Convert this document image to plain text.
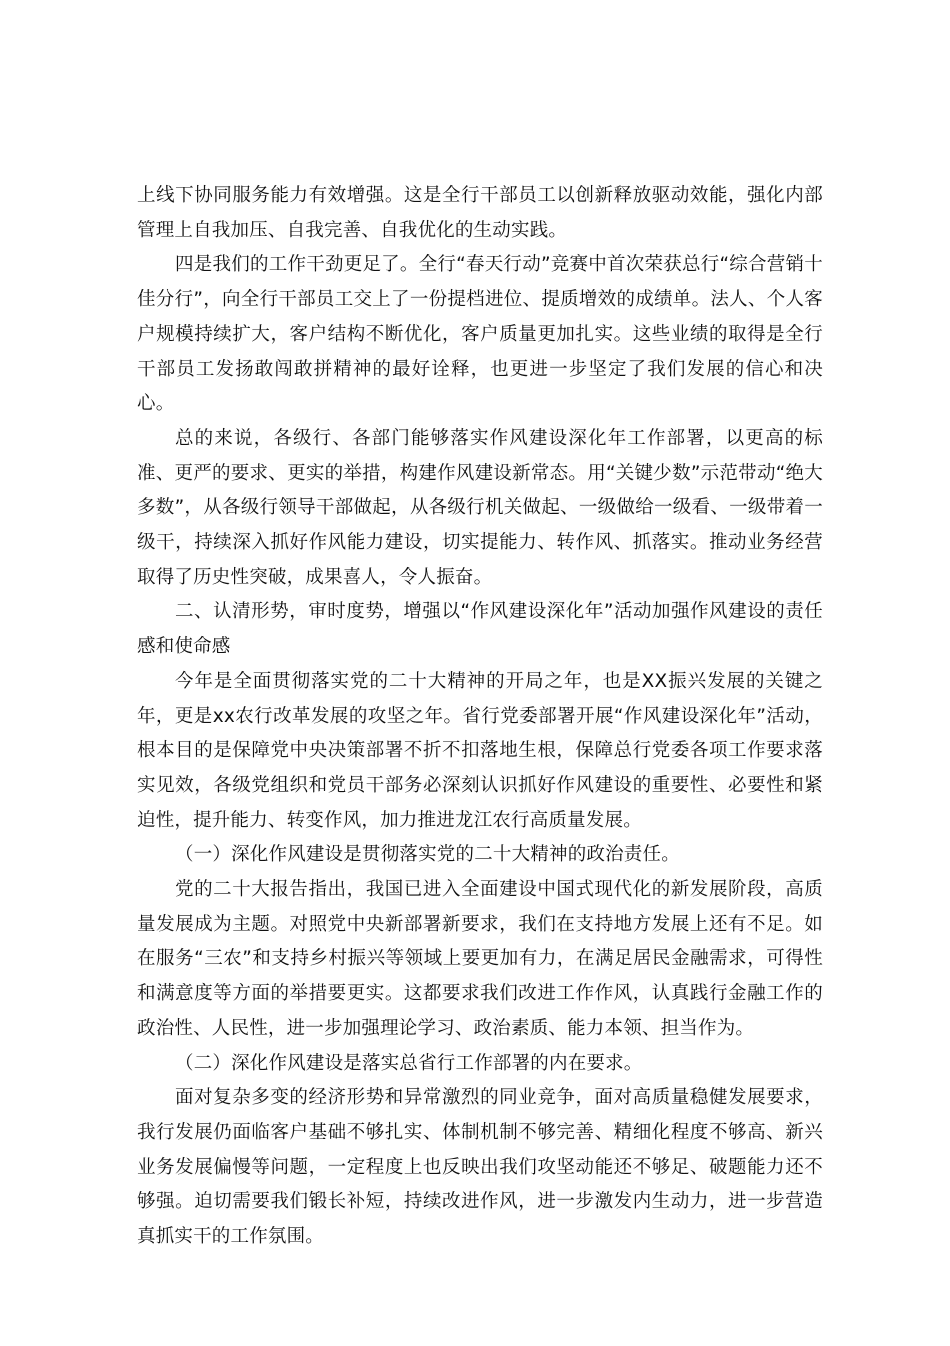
上线下协同服务能力有效增强。这是全行干部员工以创新释放驱动效能，强化内部管理上自我加压、自我完善、自我优化的生动实践。

四是我们的工作干劲更足了。全行“春天行动”竞赛中首次荣获总行“综合营销十佳分行”，向全行干部员工交上了一份提档进位、提质增效的成绩单。法人、个人客户规模持续扩大，客户结构不断优化，客户质量更加扎实。这些业绩的取得是全行干部员工发扬敢闯敢拼精神的最好诠释，也更进一步坚定了我们发展的信心和决心。

总的来说，各级行、各部门能够落实作风建设深化年工作部署，以更高的标准、更严的要求、更实的举措，构建作风建设新常态。用“关键少数”示范带动“绝大多数”，从各级行领导干部做起，从各级行机关做起、一级做给一级看、一级带着一级干，持续深入抓好作风能力建设，切实提能力、转作风、抓落实。推动业务经营取得了历史性突破，成果喜人，令人振奋。

二、认清形势，审时度势，增强以“作风建设深化年”活动加强作风建设的责任感和使命感

今年是全面贯彻落实党的二十大精神的开局之年，也是XX振兴发展的关键之年，更是xx农行改革发展的攻坚之年。省行党委部署开展“作风建设深化年”活动，根本目的是保障党中央决策部署不折不扣落地生根，保障总行党委各项工作要求落实见效，各级党组织和党员干部务必深刻认识抓好作风建设的重要性、必要性和紧迫性，提升能力、转变作风，加力推进龙江农行高质量发展。

（一）深化作风建设是贯彻落实党的二十大精神的政治责任。

党的二十大报告指出，我国已进入全面建设中国式现代化的新发展阶段，高质量发展成为主题。对照党中央新部署新要求，我们在支持地方发展上还有不足。如在服务“三农”和支持乡村振兴等领域上要更加有力，在满足居民金融需求，可得性和满意度等方面的举措要更实。这都要求我们改进工作作风，认真践行金融工作的政治性、人民性，进一步加强理论学习、政治素质、能力本领、担当作为。

（二）深化作风建设是落实总省行工作部署的内在要求。

面对复杂多变的经济形势和异常激烈的同业竞争，面对高质量稳健发展要求，我行发展仍面临客户基础不够扎实、体制机制不够完善、精细化程度不够高、新兴业务发展偏慢等问题，一定程度上也反映出我们攻坚动能还不够足、破题能力还不够强。迫切需要我们锻长补短，持续改进作风，进一步激发内生动力，进一步营造真抓实干的工作氛围。
